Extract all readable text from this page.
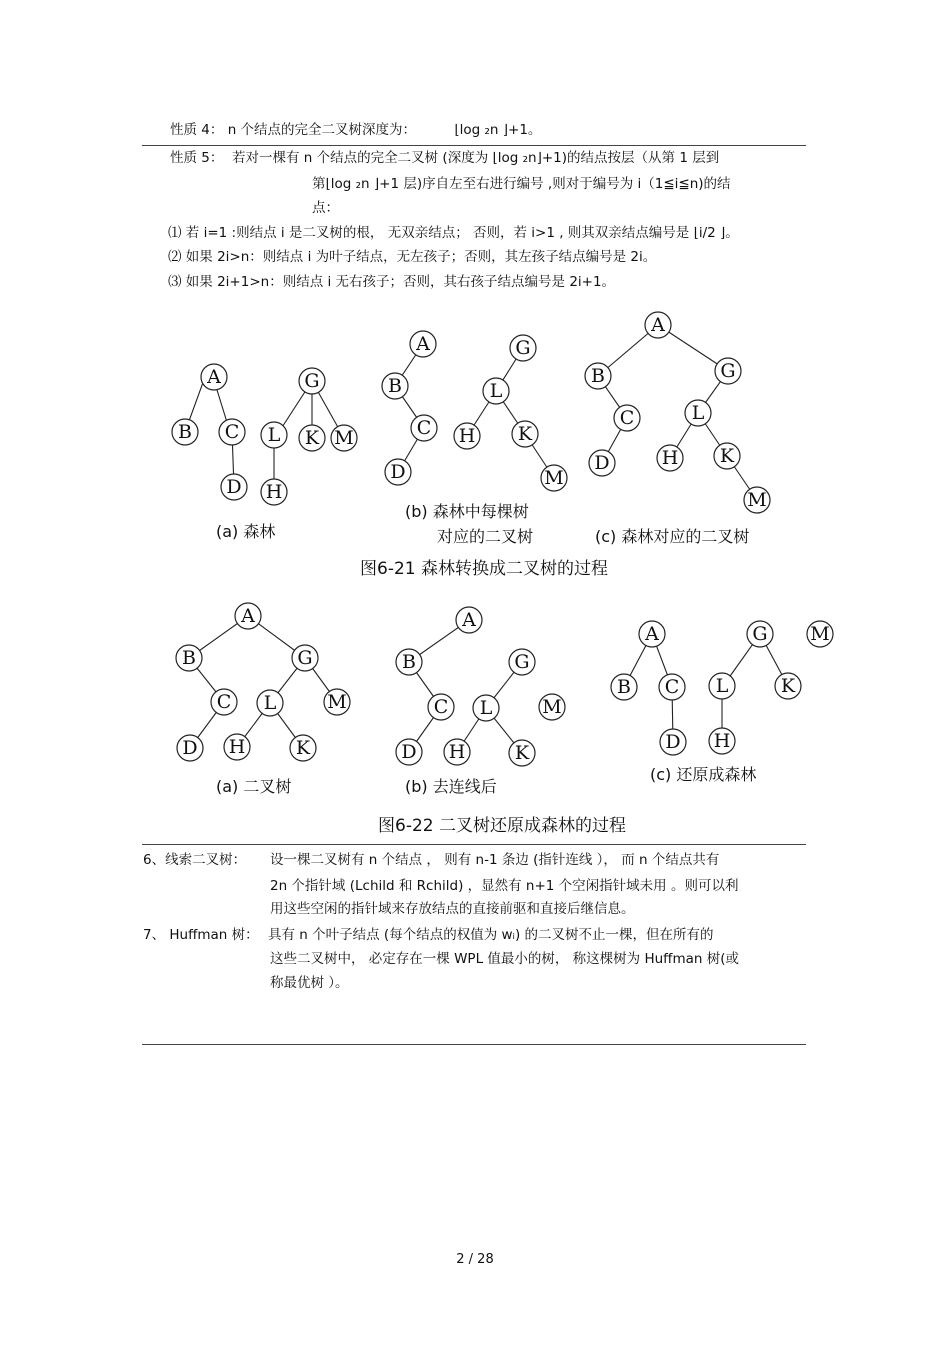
性质 4： n 个结点的完全二叉树深度为：	⌊log ₂n ⌋+1。
性质 5： 若对一棵有 n 个结点的完全二叉树 (深度为 ⌊log ₂n⌋+1)的结点按层（从第 1 层到
第⌊log ₂n ⌋+1 层)序自左至右进行编号 ,则对于编号为 i（1≦i≦n)的结
点：
⑴ 若 i=1 :则结点 i 是二叉树的根， 无双亲结点； 否则，若 i>1 , 则其双亲结点编号是 ⌊i/2 ⌋。
⑵ 如果 2i>n：则结点 i 为叶子结点，无左孩子；否则，其左孩子结点编号是 2i。
⑶ 如果 2i+1>n：则结点 i 无右孩子；否则，其右孩子结点编号是 2i+1。
A
B C
D
G
L K M
H
(a) 森林
A
B
C
D
G
L
H K
M
(b) 森林中每棵树
对应的二叉树
A
B
C
D
G
L
H K
M
(c) 森林对应的二叉树
图6-21 森林转换成二叉树的过程
A
B	G
C L	M
D H	K
(a) 二叉树
A
B	G
C L	M
D H	K
(b) 去连线后
A
B C
D
G
L	K
H
M
(c) 还原成森林
图6-22 二叉树还原成森林的过程
6、线索二叉树： 设一棵二叉树有 n 个结点 ， 则有 n-1 条边 (指针连线 ）， 而 n 个结点共有
2n 个指针域 (Lchild 和 Rchild) ，显然有 n+1 个空闲指针域未用 。则可以利
用这些空闲的指针域来存放结点的直接前驱和直接后继信息。
7、 Huffman 树： 具有 n 个叶子结点 (每个结点的权值为 wᵢ) 的二叉树不止一棵，但在所有的
这些二叉树中， 必定存在一棵 WPL 值最小的树， 称这棵树为 Huffman 树(或
称最优树 ）。
2 / 28
